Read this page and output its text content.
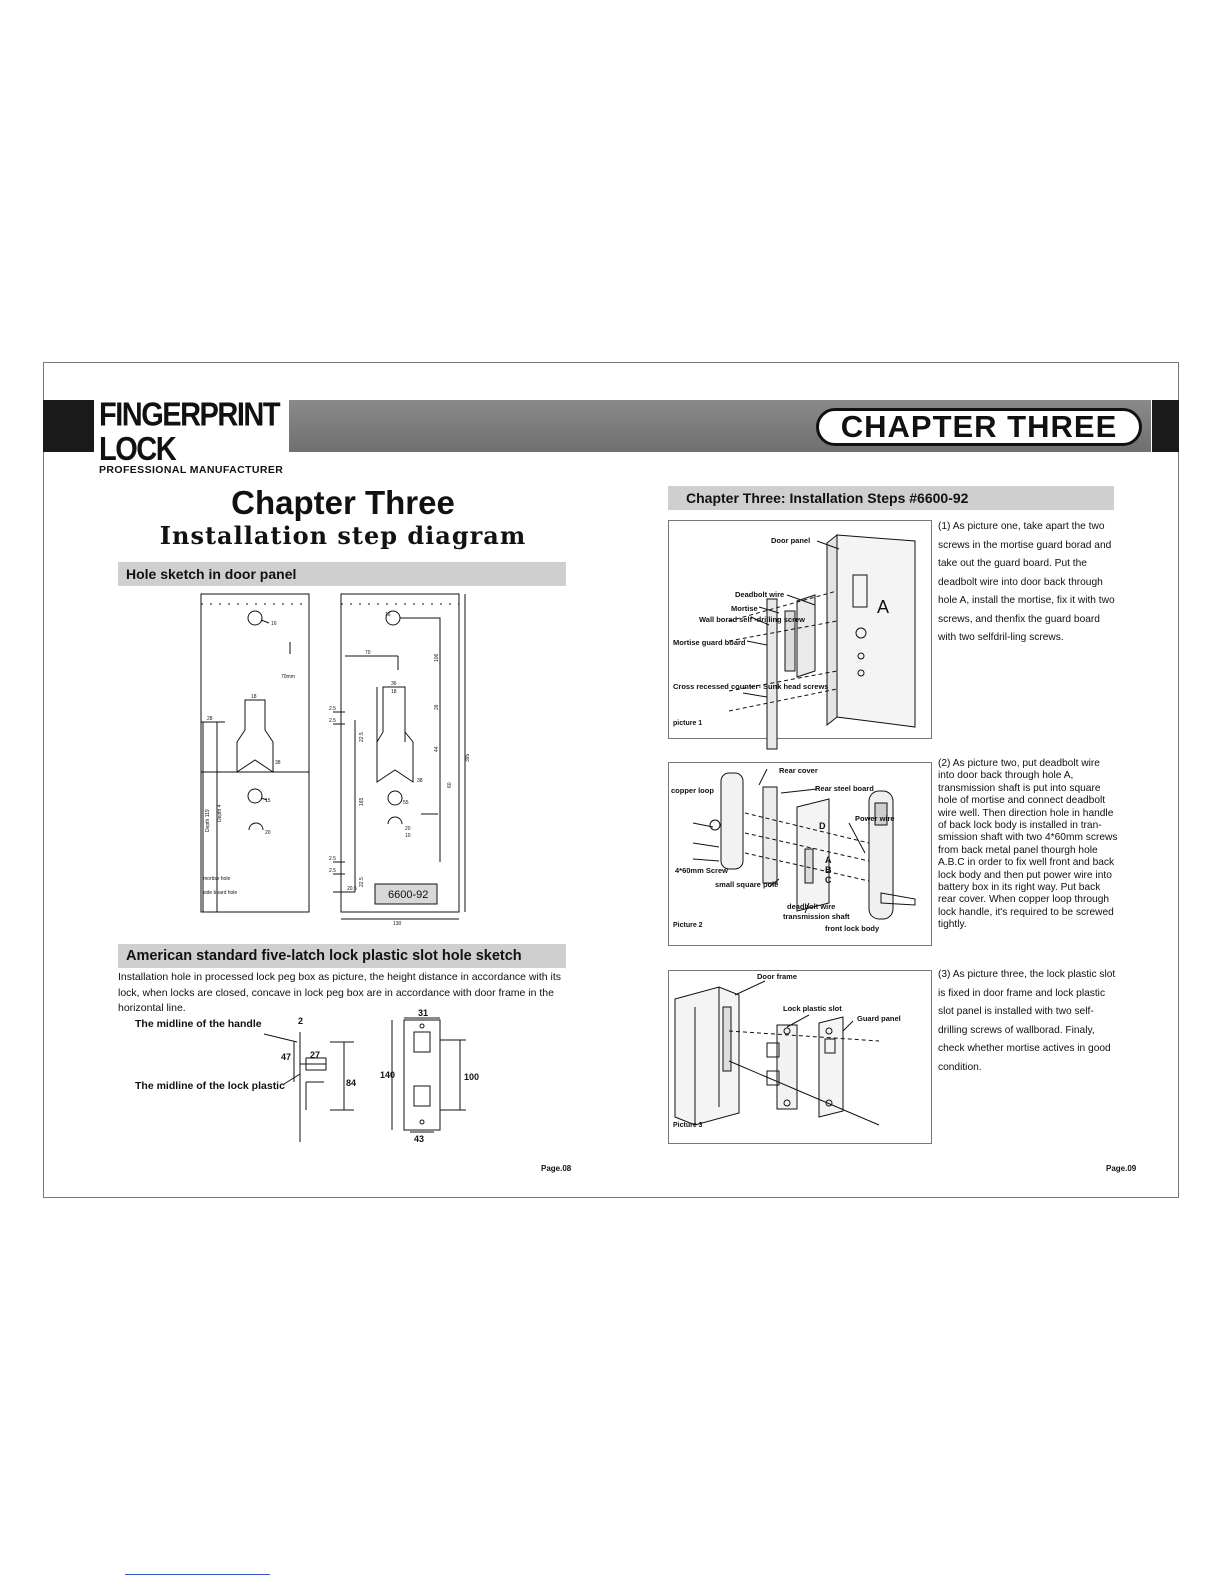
FINGERPRINT LOCK
PROFESSIONAL MANUFACTURER
CHAPTER THREE
Chapter Three
Installation step diagram
Hole sketch in door panel
16
70mm
18
28
38
15
20
Depth 119 Depth 4
mortise hole
side board hole
16
70
106
36
18
26
44
38
60
55
20
10
165
2.5
2.5
22.5
22.5
2.5
2.5
20.5
395
130
6600-92
American standard five-latch lock plastic slot hole sketch
Installation hole in processed lock peg box as picture, the height distance in accordance with its lock, when locks are closed, concave in lock peg box are in accordance with door frame in the horizontal line.
The midline of the handle
The midline of the lock plastic
2
47 27
84
31
140	100
43
Page.08
Chapter Three: Installation Steps #6600-92
Door panel
Deadbolt wire
Mortise
Wall borad self -drilling screw
Mortise guard board
Cross recessed counter- Sunk head screws
A
picture 1
(1) As picture one, take apart the two screws in the mortise guard borad and take out the guard board. Put the deadbolt wire into door back through hole A, install the mortise, fix it with two screws, and thenfix the guard board with two selfdril-ling screws.
Rear cover
copper loop	Rear steel board
Power wire
4*60mm Screw
small square pole
deadbolt wire
transmission shaft
front lock body
D
A
B
C
Picture 2
(2) As picture two, put deadbolt wire into door back through hole A, transmission shaft is put into square hole of mortise and connect deadbolt wire well. Then direction hole in handle of back lock body is installed in tran-smission shaft with two 4*60mm screws from back metal panel thourgh hole A.B.C in order to fix well front and back lock body and then put power wire into battery box in its right way. Put back rear cover. When copper loop through lock handle, it's required to be screwed tightly.
Door frame
Lock plastic slot
Guard panel
Picture 3
(3) As picture three, the lock plastic slot is fixed in door frame and lock plastic slot panel is installed with two self-drilling screws of wallborad. Finaly, check whether mortise actives in good condition.
Page.09
